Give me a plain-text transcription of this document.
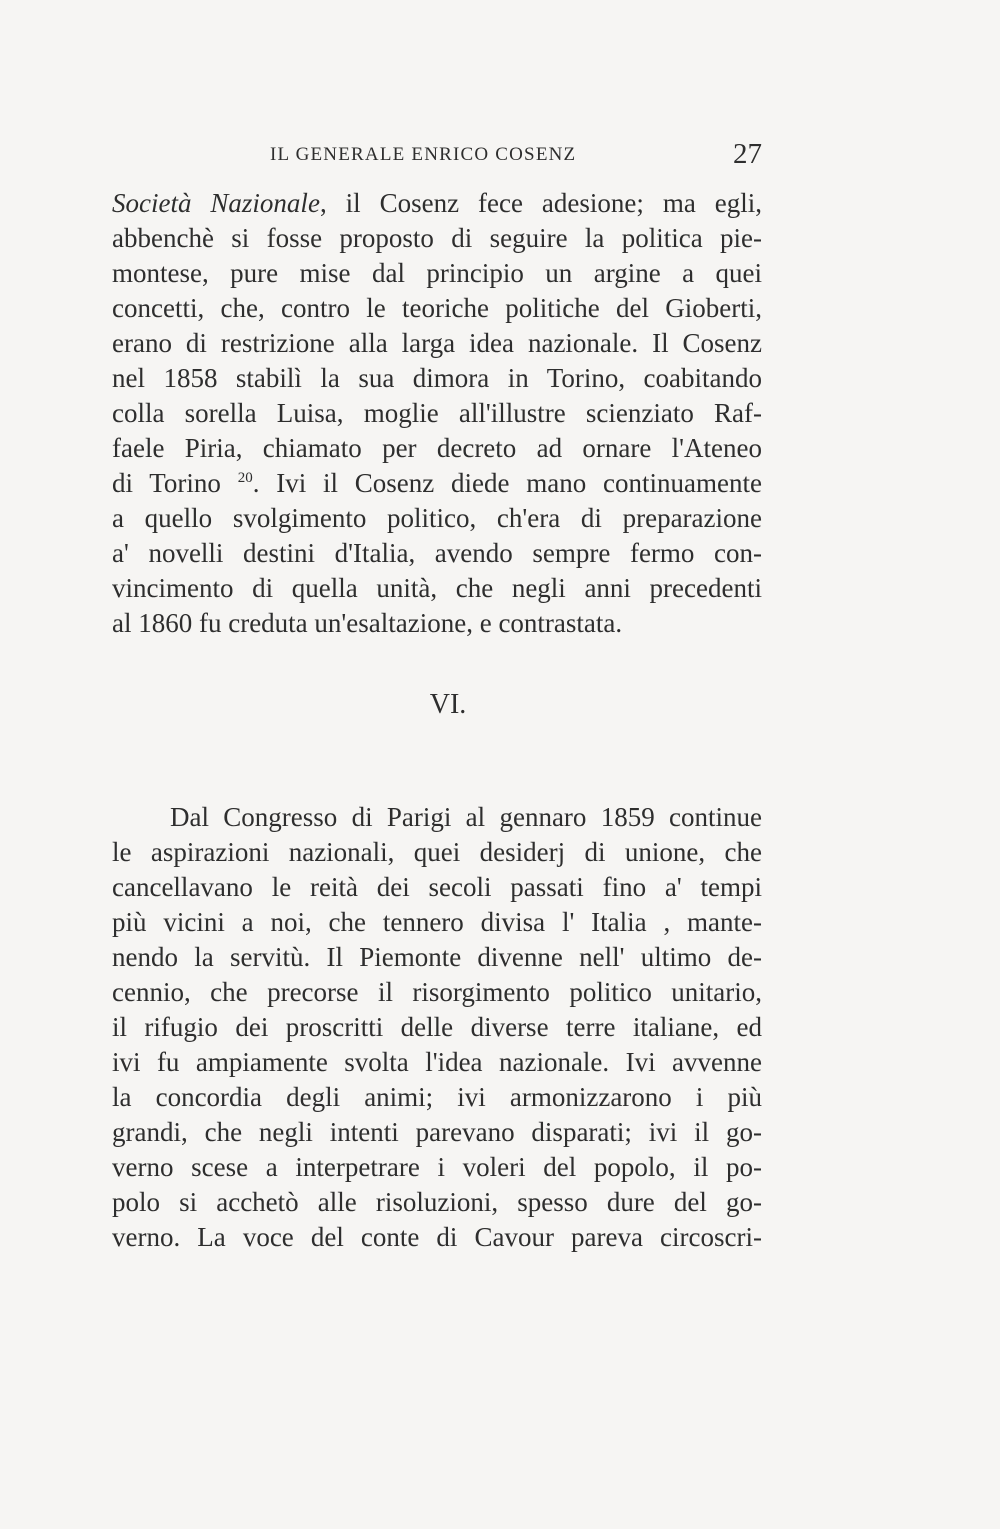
IL GENERALE ENRICO COSENZ	27
Società Nazionale, il Cosenz fece adesione; ma egli,
abbenchè si fosse proposto di seguire la politica pie-
montese, pure mise dal principio un argine a quei
concetti, che, contro le teoriche politiche del Gioberti,
erano di restrizione alla larga idea nazionale. Il Cosenz
nel 1858 stabilì la sua dimora in Torino, coabitando
colla sorella Luisa, moglie all'illustre scienziato Raf-
faele Piria, chiamato per decreto ad ornare l'Ateneo
di Torino $^{20}$. Ivi il Cosenz diede mano continuamente
a quello svolgimento politico, ch'era di preparazione
a' novelli destini d'Italia, avendo sempre fermo con-
vincimento di quella unità, che negli anni precedenti
al 1860 fu creduta un'esaltazione, e contrastata.
VI.
Dal Congresso di Parigi al gennaro 1859 continue
le aspirazioni nazionali, quei desiderj di unione, che
cancellavano le reità dei secoli passati fino a' tempi
più vicini a noi, che tennero divisa l' Italia , mante-
nendo la servitù. Il Piemonte divenne nell' ultimo de-
cennio, che precorse il risorgimento politico unitario,
il rifugio dei proscritti delle diverse terre italiane, ed
ivi fu ampiamente svolta l'idea nazionale. Ivi avvenne
la concordia degli animi; ivi armonizzarono i più
grandi, che negli intenti parevano disparati; ivi il go-
verno scese a interpetrare i voleri del popolo, il po-
polo si acchetò alle risoluzioni, spesso dure del go-
verno. La voce del conte di Cavour pareva circoscri-
